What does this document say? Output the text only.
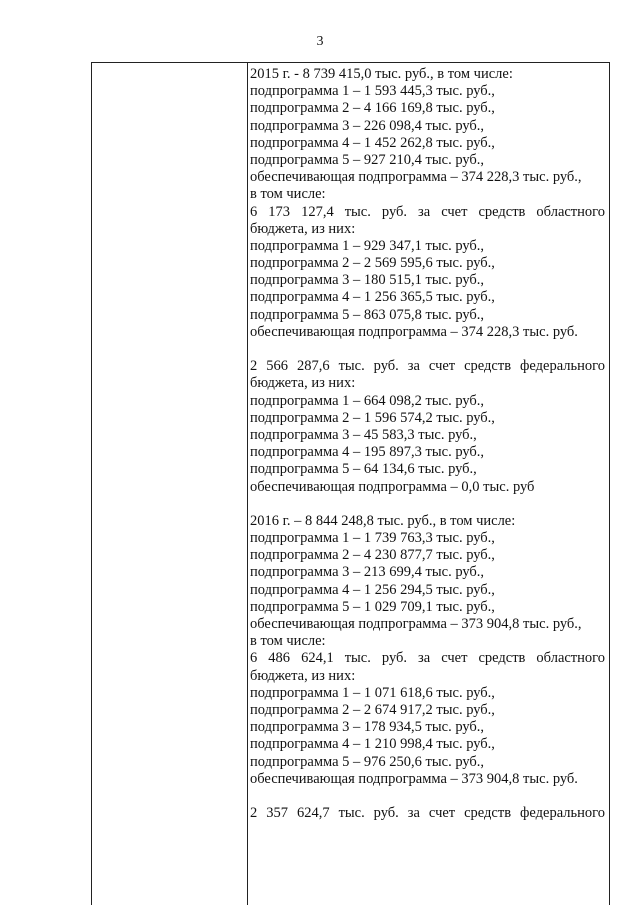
3
2015 г. - 8 739 415,0 тыс. руб., в том числе:
подпрограмма 1 – 1 593 445,3 тыс. руб.,
подпрограмма 2 – 4 166 169,8 тыс. руб.,
подпрограмма 3 – 226 098,4 тыс. руб.,
подпрограмма 4 – 1 452 262,8 тыс. руб.,
подпрограмма 5 – 927 210,4 тыс. руб.,
обеспечивающая подпрограмма – 374 228,3 тыс. руб.,
в том числе:
6 173 127,4 тыс. руб. за счет средств областного
бюджета, из них:
подпрограмма 1 – 929 347,1 тыс. руб.,
подпрограмма 2 – 2 569 595,6 тыс. руб.,
подпрограмма 3 – 180 515,1 тыс. руб.,
подпрограмма 4 – 1 256 365,5 тыс. руб.,
подпрограмма 5 – 863 075,8 тыс. руб.,
обеспечивающая подпрограмма – 374 228,3 тыс. руб.
2 566 287,6 тыс. руб. за счет средств федерального
бюджета, из них:
подпрограмма 1 – 664 098,2 тыс. руб.,
подпрограмма 2 – 1 596 574,2 тыс. руб.,
подпрограмма 3 – 45 583,3 тыс. руб.,
подпрограмма 4 – 195 897,3 тыс. руб.,
подпрограмма 5 – 64 134,6 тыс. руб.,
обеспечивающая подпрограмма – 0,0 тыс. руб
2016 г. – 8 844 248,8 тыс. руб., в том числе:
подпрограмма 1 – 1 739 763,3 тыс. руб.,
подпрограмма 2 – 4 230 877,7 тыс. руб.,
подпрограмма 3 – 213 699,4 тыс. руб.,
подпрограмма 4 – 1 256 294,5 тыс. руб.,
подпрограмма 5 – 1 029 709,1 тыс. руб.,
обеспечивающая подпрограмма – 373 904,8 тыс. руб.,
в том числе:
6 486 624,1 тыс. руб. за счет средств областного
бюджета, из них:
подпрограмма 1 – 1 071 618,6 тыс. руб.,
подпрограмма 2 – 2 674 917,2 тыс. руб.,
подпрограмма 3 – 178 934,5 тыс. руб.,
подпрограмма 4 – 1 210 998,4 тыс. руб.,
подпрограмма 5 – 976 250,6 тыс. руб.,
обеспечивающая подпрограмма – 373 904,8 тыс. руб.
2 357 624,7 тыс. руб. за счет средств федерального
